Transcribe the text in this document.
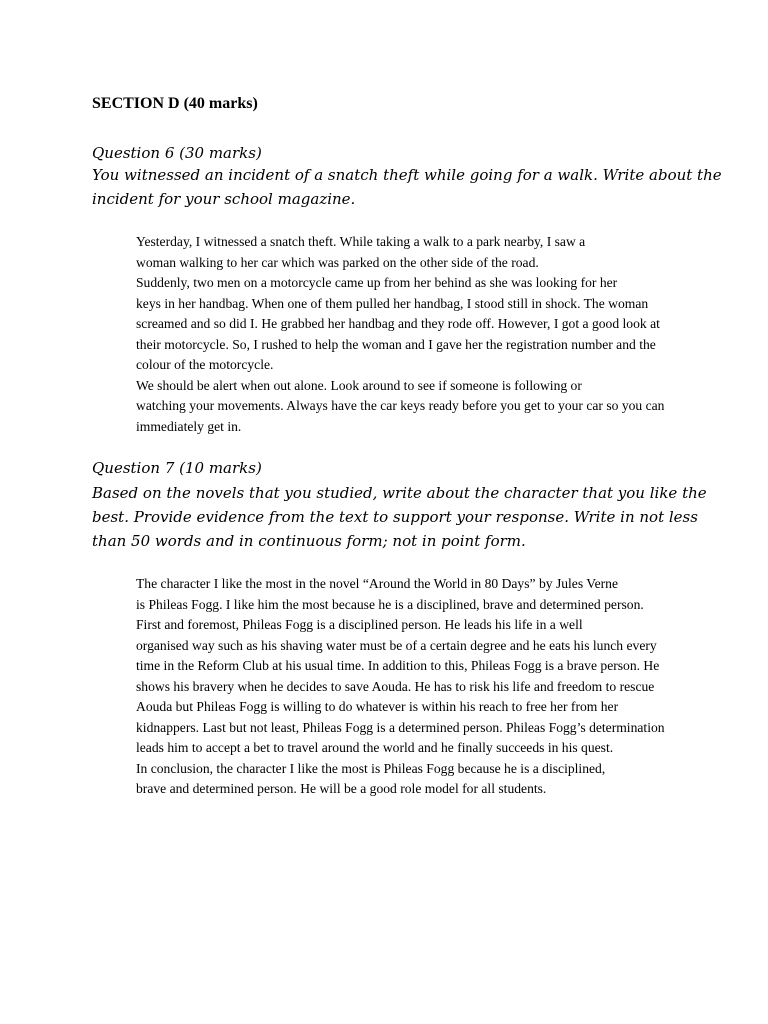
SECTION D (40 marks)
Question 6 (30 marks)
You witnessed an incident of a snatch theft while going for a walk. Write about the
incident for your school magazine.

Yesterday, I witnessed a snatch theft. While taking a walk to a park nearby, I saw a
woman walking to her car which was parked on the other side of the road.

Suddenly, two men on a motorcycle came up from her behind as she was looking for her
keys in her handbag. When one of them pulled her handbag, I stood still in shock. The woman
screamed and so did I. He grabbed her handbag and they rode off. However, I got a good look at
their motorcycle. So, I rushed to help the woman and I gave her the registration number and the
colour of the motorcycle.

We should be alert when out alone. Look around to see if someone is following or
watching your movements. Always have the car keys ready before you get to your car so you can
immediately get in.

Question 7 (10 marks)
Based on the novels that you studied, write about the character that you like the
best. Provide evidence from the text to support your response. Write in not less
than 50 words and in continuous form; not in point form.

The character I like the most in the novel “Around the World in 80 Days” by Jules Verne
is Phileas Fogg. I like him the most because he is a disciplined, brave and determined person.

First and foremost, Phileas Fogg is a disciplined person. He leads his life in a well
organised way such as his shaving water must be of a certain degree and he eats his lunch every
time in the Reform Club at his usual time. In addition to this, Phileas Fogg is a brave person. He
shows his bravery when he decides to save Aouda. He has to risk his life and freedom to rescue
Aouda but Phileas Fogg is willing to do whatever is within his reach to free her from her
kidnappers. Last but not least, Phileas Fogg is a determined person. Phileas Fogg’s determination
leads him to accept a bet to travel around the world and he finally succeeds in his quest.

In conclusion, the character I like the most is Phileas Fogg because he is a disciplined,
brave and determined person. He will be a good role model for all students.
